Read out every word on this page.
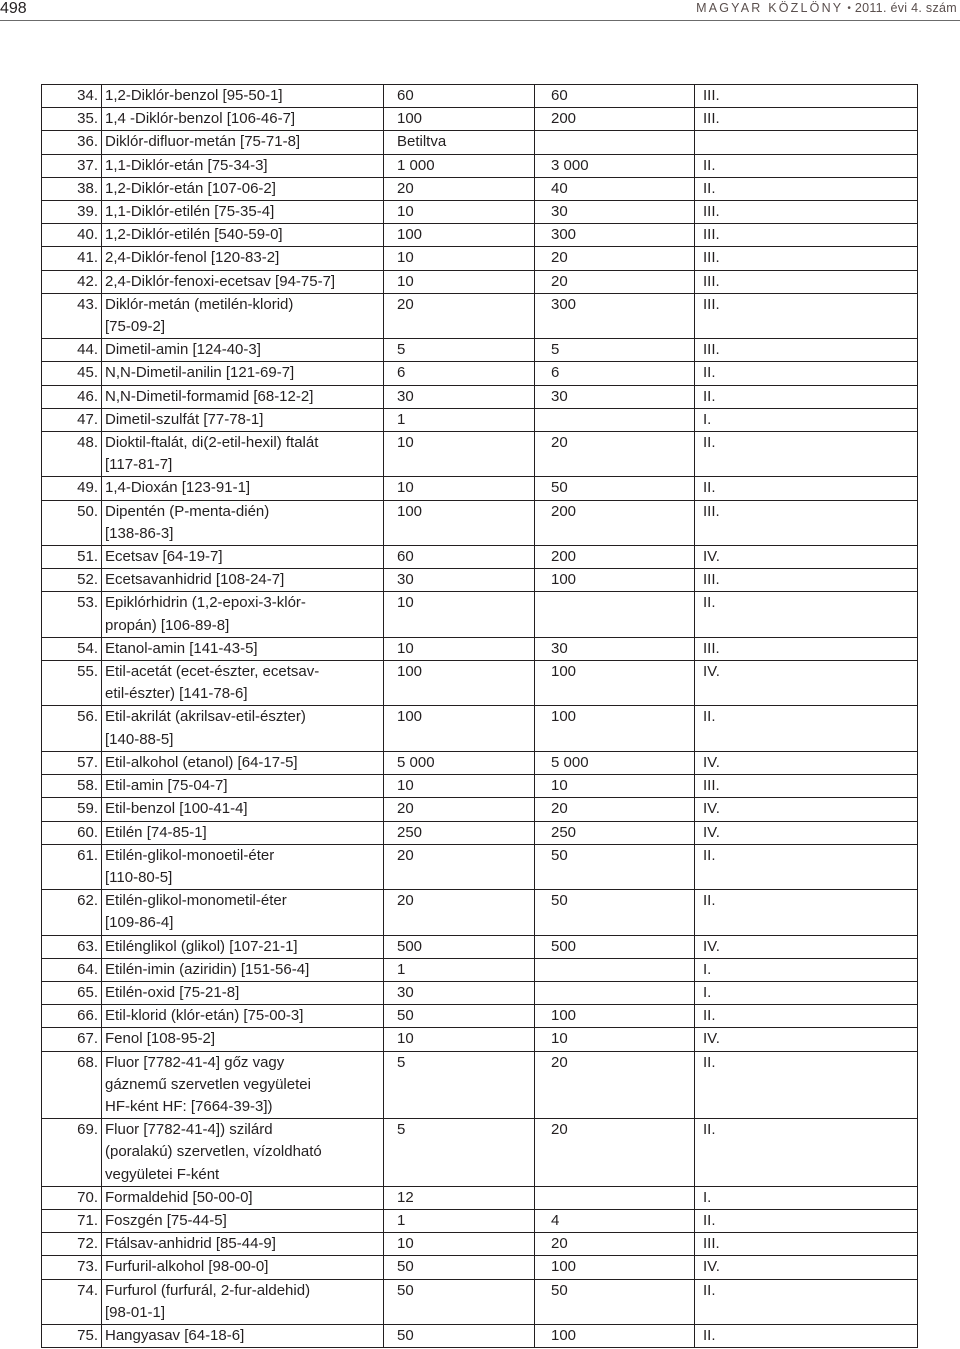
498	MAGYAR KÖZLÖNY • 2011. évi 4. szám
34.	1,2-Diklór-benzol [95-50-1]	60	60	III.
35.	1,4 -Diklór-benzol [106-46-7]	100	200	III.
36.	Diklór-difluor-metán [75-71-8]	Betiltva		
37.	1,1-Diklór-etán [75-34-3]	1 000	3 000	II.
38.	1,2-Diklór-etán [107-06-2]	20	40	II.
39.	1,1-Diklór-etilén [75-35-4]	10	30	III.
40.	1,2-Diklór-etilén [540-59-0]	100	300	III.
41.	2,4-Diklór-fenol [120-83-2]	10	20	III.
42.	2,4-Diklór-fenoxi-ecetsav [94-75-7]	10	20	III.
43.	Diklór-metán (metilén-klorid)
[75-09-2]	20	300	III.
44.	Dimetil-amin [124-40-3]	5	5	III.
45.	N,N-Dimetil-anilin [121-69-7]	6	6	II.
46.	N,N-Dimetil-formamid [68-12-2]	30	30	II.
47.	Dimetil-szulfát [77-78-1]	1		I.
48.	Dioktil-ftalát, di(2-etil-hexil) ftalát
[117-81-7]	10	20	II.
49.	1,4-Dioxán [123-91-1]	10	50	II.
50.	Dipentén (P-menta-dién)
[138-86-3]	100	200	III.
51.	Ecetsav [64-19-7]	60	200	IV.
52.	Ecetsavanhidrid [108-24-7]	30	100	III.
53.	Epiklórhidrin (1,2-epoxi-3-klór-
propán) [106-89-8]	10		II.
54.	Etanol-amin [141-43-5]	10	30	III.
55.	Etil-acetát (ecet-észter, ecetsav-
etil-észter) [141-78-6]	100	100	IV.
56.	Etil-akrilát (akrilsav-etil-észter)
[140-88-5]	100	100	II.
57.	Etil-alkohol (etanol) [64-17-5]	5 000	5 000	IV.
58.	Etil-amin [75-04-7]	10	10	III.
59.	Etil-benzol [100-41-4]	20	20	IV.
60.	Etilén [74-85-1]	250	250	IV.
61.	Etilén-glikol-monoetil-éter
[110-80-5]	20	50	II.
62.	Etilén-glikol-monometil-éter
[109-86-4]	20	50	II.
63.	Etilénglikol (glikol) [107-21-1]	500	500	IV.
64.	Etilén-imin (aziridin) [151-56-4]	1		I.
65.	Etilén-oxid [75-21-8]	30		I.
66.	Etil-klorid (klór-etán) [75-00-3]	50	100	II.
67.	Fenol [108-95-2]	10	10	IV.
68.	Fluor [7782-41-4] gőz vagy
gáznemű szervetlen vegyületei
HF-ként HF: [7664-39-3])	5	20	II.
69.	Fluor [7782-41-4]) szilárd
(poralakú) szervetlen, vízoldható
vegyületei F-ként	5	20	II.
70.	Formaldehid [50-00-0]	12		I.
71.	Foszgén [75-44-5]	1	4	II.
72.	Ftálsav-anhidrid [85-44-9]	10	20	III.
73.	Furfuril-alkohol [98-00-0]	50	100	IV.
74.	Furfurol (furfurál, 2-fur-aldehid)
[98-01-1]	50	50	II.
75.	Hangyasav [64-18-6]	50	100	II.
